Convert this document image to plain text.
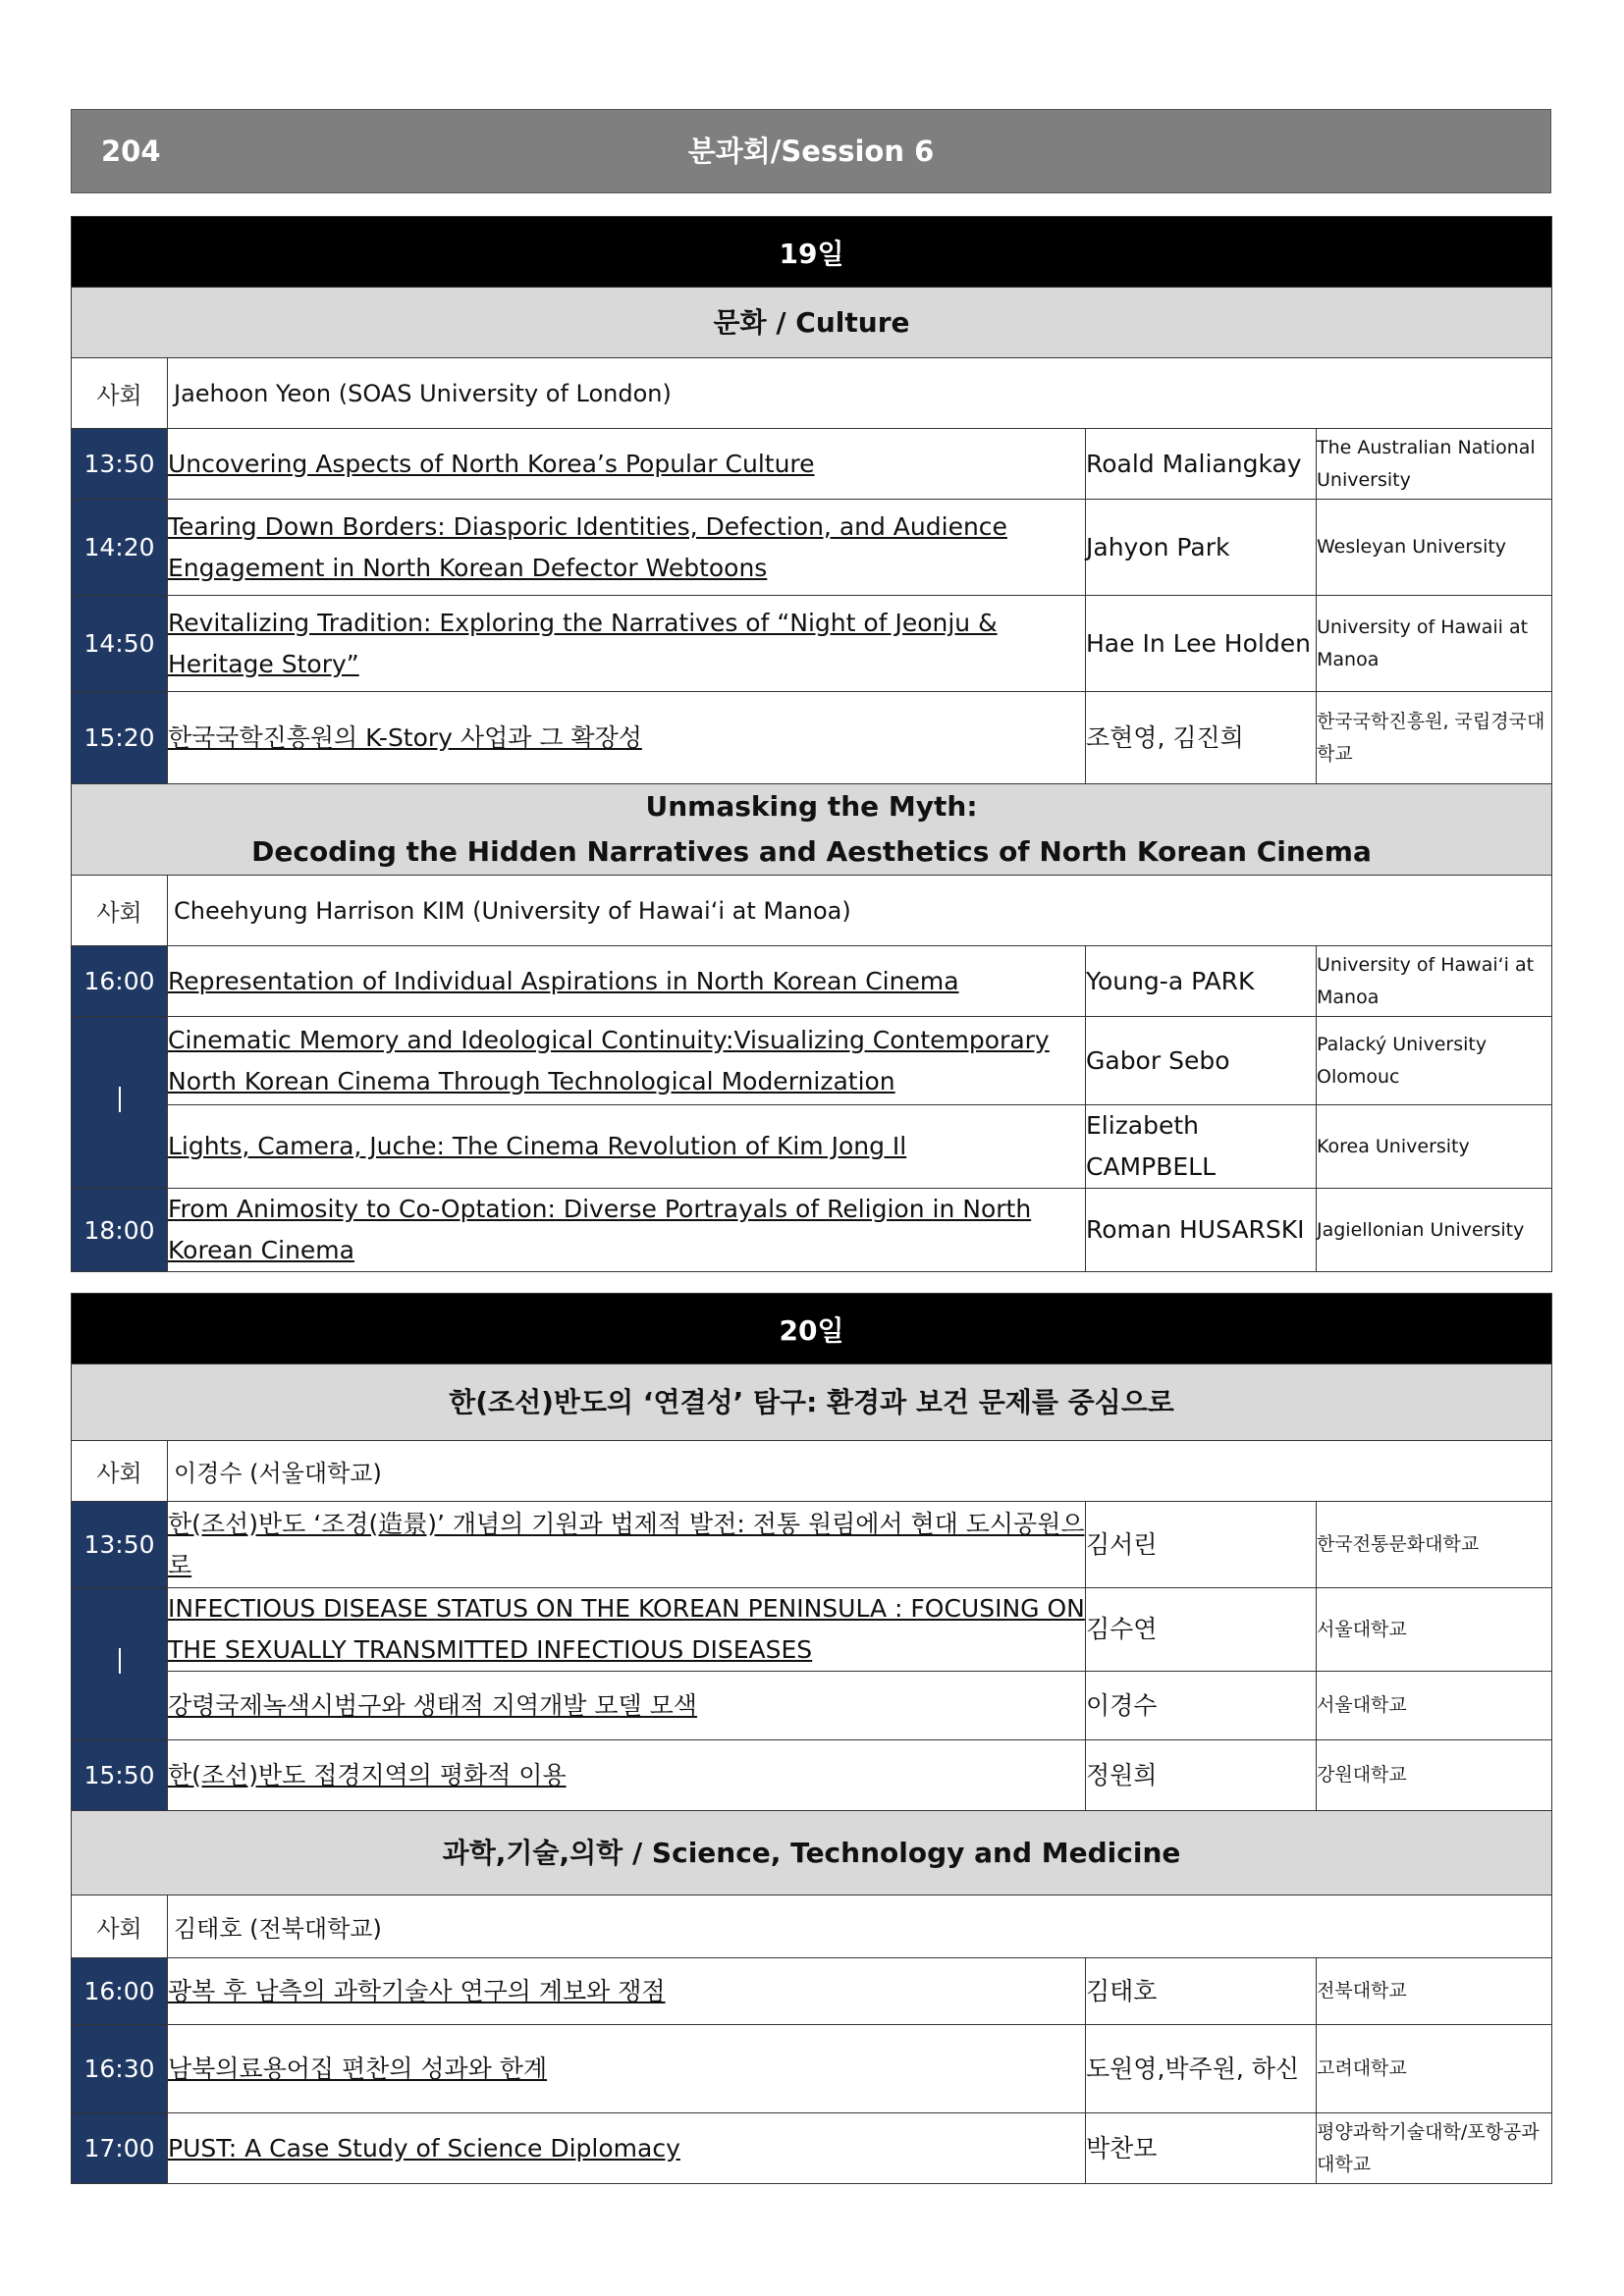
204	분과회/Session 6
19일			
문화 / Culture			
사회	Jaehoon Yeon (SOAS University of London)		
13:50	Uncovering Aspects of North Korea’s Popular Culture	Roald Maliangkay	The Australian National University
14:20	Tearing Down Borders: Diasporic Identities, Defection, and Audience Engagement in North Korean Defector Webtoons	Jahyon Park	Wesleyan University
14:50	Revitalizing Tradition: Exploring the Narratives of “Night of Jeonju & Heritage Story”	Hae In Lee Holden	University of Hawaii at Manoa
15:20	한국국학진흥원의 K-Story 사업과 그 확장성	조현영, 김진희	한국국학진흥원, 국립경국대학교

Unmasking the Myth:
Decoding the Hidden Narratives and Aesthetics of North Korean Cinema			

사회	Cheehyung Harrison KIM (University of Hawai‘i at Manoa)		
16:00	Representation of Individual Aspirations in North Korean Cinema	Young-a PARK	University of Hawai‘i at Manoa
	Cinematic Memory and Ideological Continuity:Visualizing Contemporary North Korean Cinema Through Technological Modernization	Gabor Sebo	Palacký University Olomouc
	Lights, Camera, Juche: The Cinema Revolution of Kim Jong Il	Elizabeth CAMPBELL	Korea University
18:00	From Animosity to Co-Optation: Diverse Portrayals of Religion in North Korean Cinema	Roman HUSARSKI	Jagiellonian University
20일			
한(조선)반도의 ‘연결성’ 탐구: 환경과 보건 문제를 중심으로			
사회	이경수 (서울대학교)		
13:50	한(조선)반도 ‘조경(造景)’ 개념의 기원과 법제적 발전: 전통 원림에서 현대 도시공원으로	김서린	한국전통문화대학교
	INFECTIOUS DISEASE STATUS ON THE KOREAN PENINSULA : FOCUSING ON THE SEXUALLY TRANSMITTED INFECTIOUS DISEASES	김수연	서울대학교
	강령국제녹색시범구와 생태적 지역개발 모델 모색	이경수	서울대학교
15:50	한(조선)반도 접경지역의 평화적 이용	정원희	강원대학교
과학,기술,의학 / Science, Technology and Medicine			
사회	김태호 (전북대학교)		
16:00	광복 후 남측의 과학기술사 연구의 계보와 쟁점	김태호	전북대학교
16:30	남북의료용어집 편찬의 성과와 한계	도원영,박주원, 하신	고려대학교
17:00	PUST: A Case Study of Science Diplomacy	박찬모	평양과학기술대학/포항공과대학교
